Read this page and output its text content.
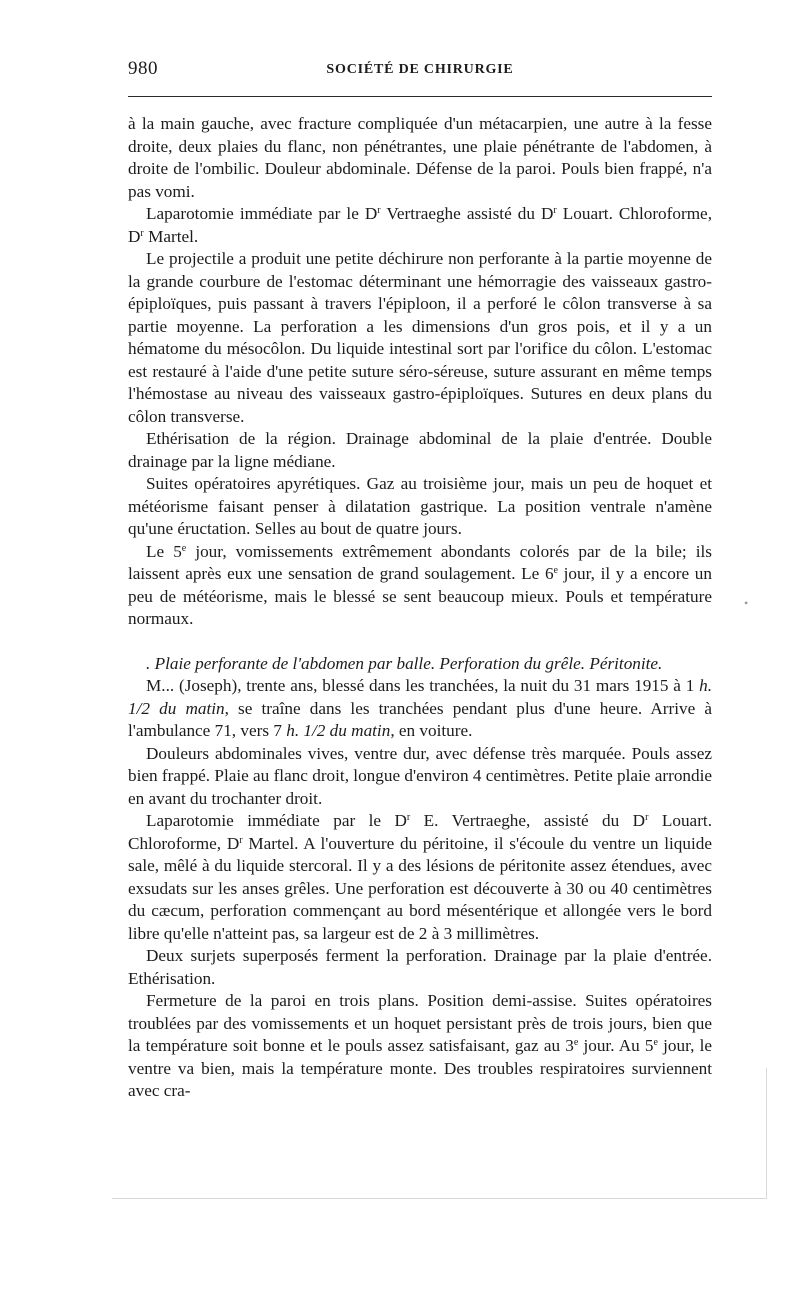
980	SOCIÉTÉ DE CHIRURGIE

à la main gauche, avec fracture compliquée d'un métacarpien, une autre à la fesse droite, deux plaies du flanc, non pénétrantes, une plaie pénétrante de l'abdomen, à droite de l'ombilic. Douleur abdominale. Défense de la paroi. Pouls bien frappé, n'a pas vomi.

Laparotomie immédiate par le $D^r$ Vertraeghe assisté du $D^r$ Louart. Chloroforme, $D^r$ Martel.

Le projectile a produit une petite déchirure non perforante à la partie moyenne de la grande courbure de l'estomac déterminant une hémorragie des vaisseaux gastro-épiploïques, puis passant à travers l'épiploon, il a perforé le côlon transverse à sa partie moyenne. La perforation a les dimensions d'un gros pois, et il y a un hématome du mésocôlon. Du liquide intestinal sort par l'orifice du côlon. L'estomac est restauré à l'aide d'une petite suture séro-séreuse, suture assurant en même temps l'hémostase au niveau des vaisseaux gastro-épiploïques. Sutures en deux plans du côlon transverse.

Ethérisation de la région. Drainage abdominal de la plaie d'entrée. Double drainage par la ligne médiane.

Suites opératoires apyrétiques. Gaz au troisième jour, mais un peu de hoquet et météorisme faisant penser à dilatation gastrique. La position ventrale n'amène qu'une éructation. Selles au bout de quatre jours.

Le 5e jour, vomissements extrêmement abondants colorés par de la bile; ils laissent après eux une sensation de grand soulagement. Le 6e jour, il y a encore un peu de météorisme, mais le blessé se sent beaucoup mieux. Pouls et température normaux.

. Plaie perforante de l'abdomen par balle. Perforation du grêle. Péritonite.

M... (Joseph), trente ans, blessé dans les tranchées, la nuit du 31 mars 1915 à 1 h. 1/2 du matin, se traîne dans les tranchées pendant plus d'une heure. Arrive à l'ambulance 71, vers 7 h. 1/2 du matin, en voiture.

Douleurs abdominales vives, ventre dur, avec défense très marquée. Pouls assez bien frappé. Plaie au flanc droit, longue d'environ 4 centimètres. Petite plaie arrondie en avant du trochanter droit.

Laparotomie immédiate par le $D^r$ E. Vertraeghe, assisté du $D^r$ Louart. Chloroforme, $D^r$ Martel. A l'ouverture du péritoine, il s'écoule du ventre un liquide sale, mêlé à du liquide stercoral. Il y a des lésions de péritonite assez étendues, avec exsudats sur les anses grêles. Une perforation est découverte à 30 ou 40 centimètres du cæcum, perforation commençant au bord mésentérique et allongée vers le bord libre qu'elle n'atteint pas, sa largeur est de 2 à 3 millimètres.

Deux surjets superposés ferment la perforation. Drainage par la plaie d'entrée. Ethérisation.

Fermeture de la paroi en trois plans. Position demi-assise. Suites opératoires troublées par des vomissements et un hoquet persistant près de trois jours, bien que la température soit bonne et le pouls assez satisfaisant, gaz au 3e jour. Au 5e jour, le ventre va bien, mais la température monte. Des troubles respiratoires surviennent avec cra-

•
